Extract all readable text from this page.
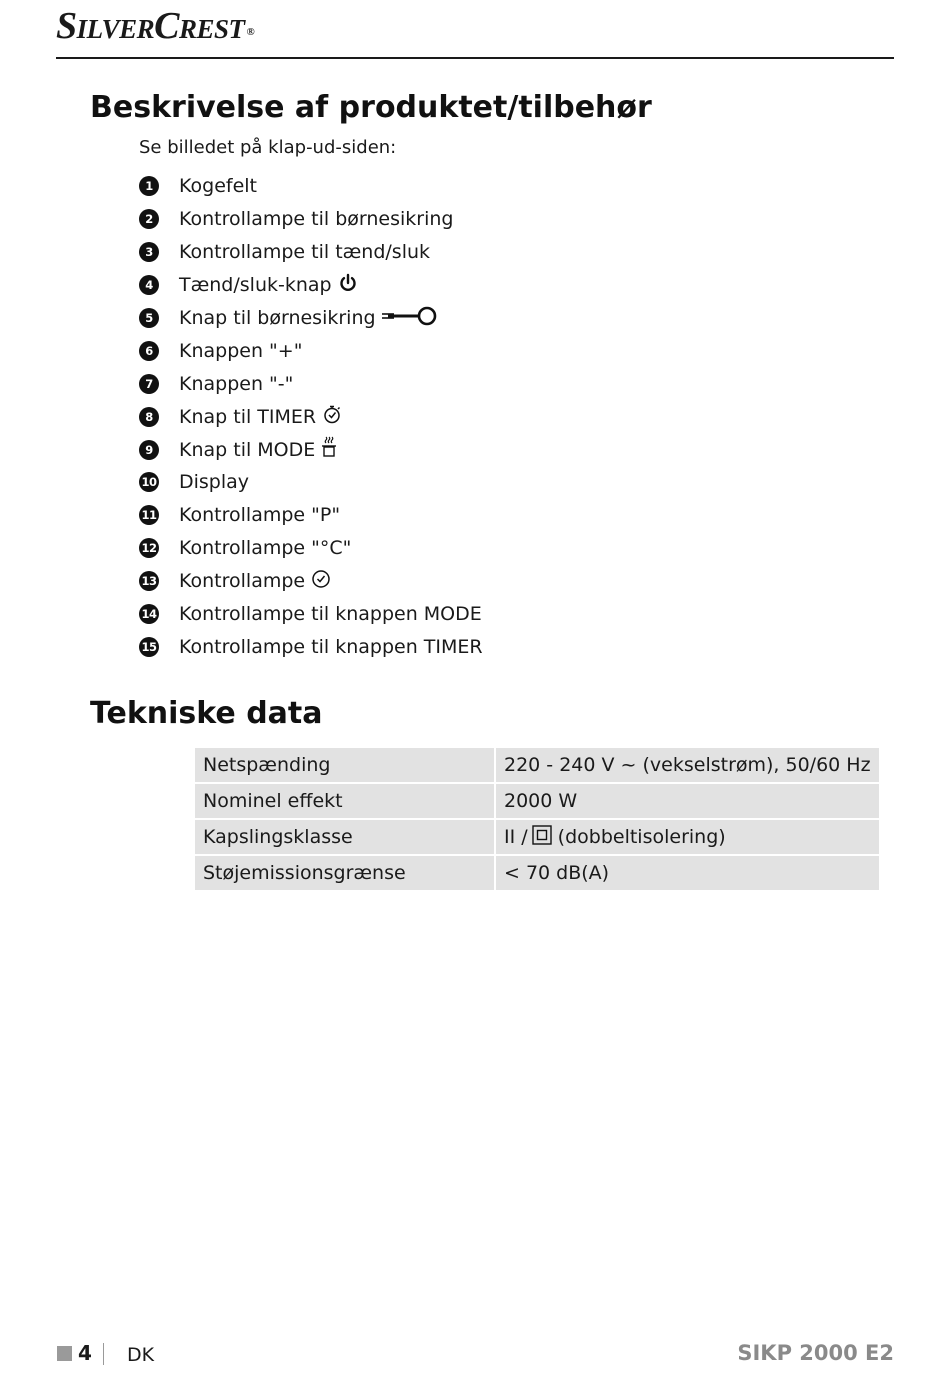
SilverCrest ®
Beskrivelse af produktet/tilbehør
Se billedet på klap-ud-siden:
1	Kogefelt
2	Kontrollampe til børnesikring
3	Kontrollampe til tænd/sluk
4	Tænd/sluk-knap
5	Knap til børnesikring
6	Knappen "+"
7	Knappen "-"
8	Knap til TIMER
9	Knap til MODE
10 Display
11 Kontrollampe "P"
12 Kontrollampe "°C"
13 Kontrollampe
14 Kontrollampe til knappen MODE
15 Kontrollampe til knappen TIMER
Tekniske data
Netspænding	220 - 240 V ~ (vekselstrøm), 50/60 Hz
Nominel effekt	2000 W
Kapslingsklasse	II / (dobbeltisolering)
Støjemissionsgrænse	< 70 dB(A)
4 DK	SIKP 2000 E2
